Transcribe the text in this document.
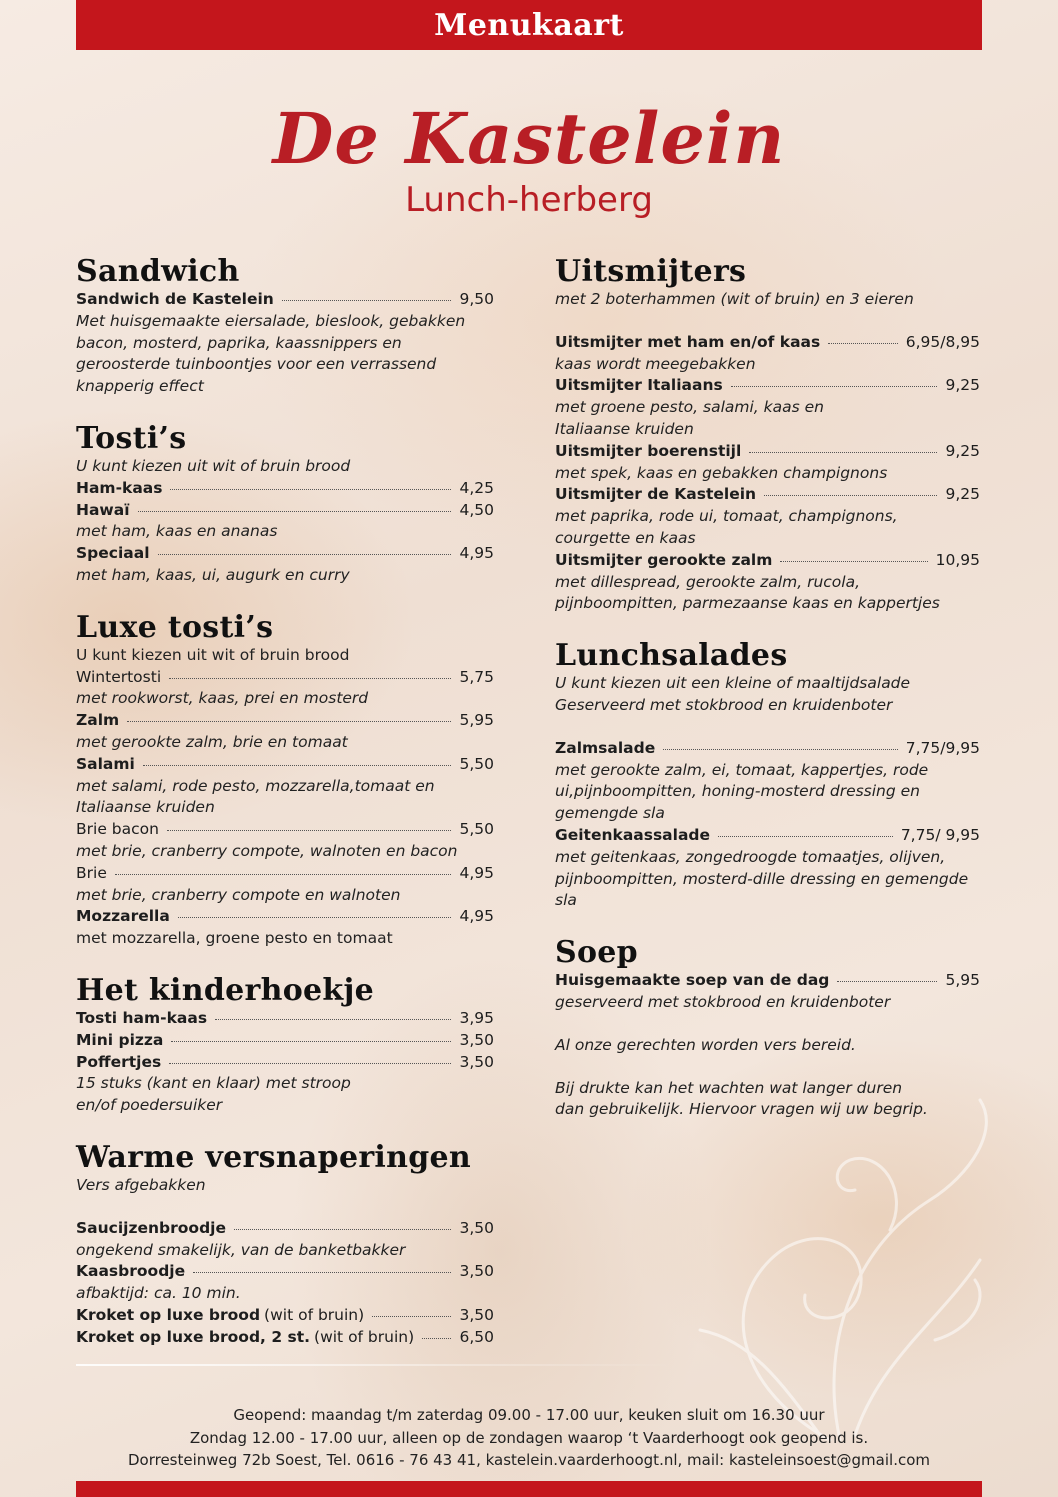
Menukaart
De Kastelein
Lunch-herberg
Sandwich
Sandwich de Kastelein	9,50
Met huisgemaakte eiersalade, bieslook, gebakken bacon, mosterd, paprika, kaassnippers en geroosterde tuinboontjes voor een verrassend knapperig effect
Tosti’s
U kunt kiezen uit wit of bruin brood
Ham-kaas	4,25
Hawaï	4,50
met ham, kaas en ananas
Speciaal	4,95
met ham, kaas, ui, augurk en curry
Luxe tosti’s
U kunt kiezen uit wit of bruin brood
Wintertosti	5,75
met rookworst, kaas, prei en mosterd
Zalm	5,95
met gerookte zalm, brie en tomaat
Salami	5,50
met salami, rode pesto, mozzarella,tomaat en Italiaanse kruiden
Brie bacon	5,50
met brie, cranberry compote, walnoten en bacon
Brie	4,95
met brie, cranberry compote en walnoten
Mozzarella	4,95
met mozzarella, groene pesto en tomaat
Het kinderhoekje
Tosti ham-kaas	3,95
Mini pizza	3,50
Poffertjes	3,50
15 stuks (kant en klaar) met stroop en/of poedersuiker
Warme versnaperingen
Vers afgebakken
Saucijzenbroodje	3,50
ongekend smakelijk, van de banketbakker
Kaasbroodje	3,50
afbaktijd: ca. 10 min.
Kroket op luxe brood (wit of bruin)	3,50
Kroket op luxe brood, 2 st. (wit of bruin)	6,50
Uitsmijters
met 2 boterhammen (wit of bruin) en 3 eieren
Uitsmijter met ham en/of kaas	6,95/8,95
kaas wordt meegebakken
Uitsmijter Italiaans	9,25
met groene pesto, salami, kaas en Italiaanse kruiden
Uitsmijter boerenstijl	9,25
met spek, kaas en gebakken champignons
Uitsmijter de Kastelein	9,25
met paprika, rode ui, tomaat, champignons, courgette en kaas
Uitsmijter gerookte zalm	10,95
met dillespread, gerookte zalm, rucola, pijnboompitten, parmezaanse kaas en kappertjes
Lunchsalades
U kunt kiezen uit een kleine of maaltijdsalade
Geserveerd met stokbrood en kruidenboter
Zalmsalade	7,75/9,95
met gerookte zalm, ei, tomaat, kappertjes, rode ui,pijnboompitten, honing-mosterd dressing en gemengde sla
Geitenkaassalade	7,75/ 9,95
met geitenkaas, zongedroogde tomaatjes, olijven, pijnboompitten, mosterd-dille dressing en gemengde sla
Soep
Huisgemaakte soep van de dag	5,95
geserveerd met stokbrood en kruidenboter
Al onze gerechten worden vers bereid.
Bij drukte kan het wachten wat langer duren dan gebruikelijk. Hiervoor vragen wij uw begrip.
Geopend: maandag t/m zaterdag 09.00 - 17.00 uur, keuken sluit om 16.30 uur
Zondag 12.00 - 17.00 uur, alleen op de zondagen waarop ‘t Vaarderhoogt ook geopend is.
Dorresteinweg 72b Soest, Tel. 0616 - 76 43 41, kastelein.vaarderhoogt.nl, mail: kasteleinsoest@gmail.com
